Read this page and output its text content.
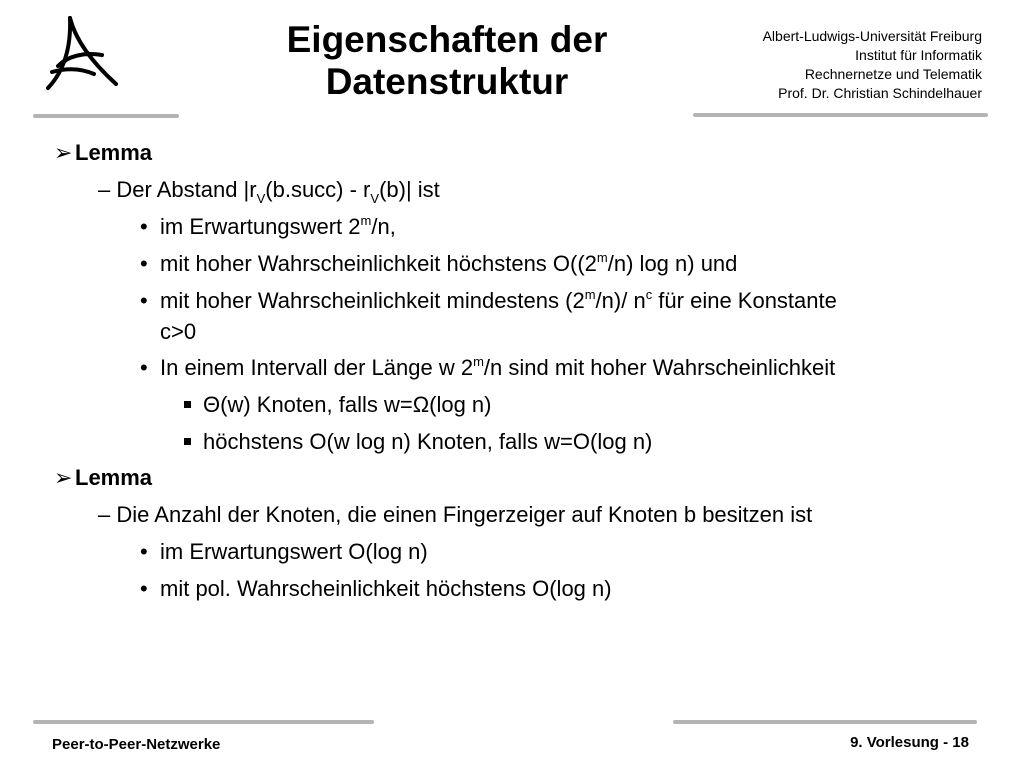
Eigenschaften der
Datenstruktur
Albert-Ludwigs-Universität Freiburg
Institut für Informatik
Rechnernetze und Telematik
Prof. Dr. Christian Schindelhauer
➢ Lemma
– Der Abstand $|r_V(b.succ) - r_V(b)|$ ist
• im Erwartungswert 2$^m$/n,
• mit hoher Wahrscheinlichkeit höchstens O((2$^m$/n) log n) und
• mit hoher Wahrscheinlichkeit mindestens (2$^m$/n)/ $n^c$ für eine Konstante
c>0
• In einem Intervall der Länge w 2$^m$/n sind mit hoher Wahrscheinlichkeit
Θ(w) Knoten, falls w=Ω(log n)
höchstens O(w log n) Knoten, falls w=O(log n)
➢ Lemma
– Die Anzahl der Knoten, die einen Fingerzeiger auf Knoten b besitzen ist
• im Erwartungswert O(log n)
• mit pol. Wahrscheinlichkeit höchstens O(log n)
Peer-to-Peer-Netzwerke	9. Vorlesung - 18
